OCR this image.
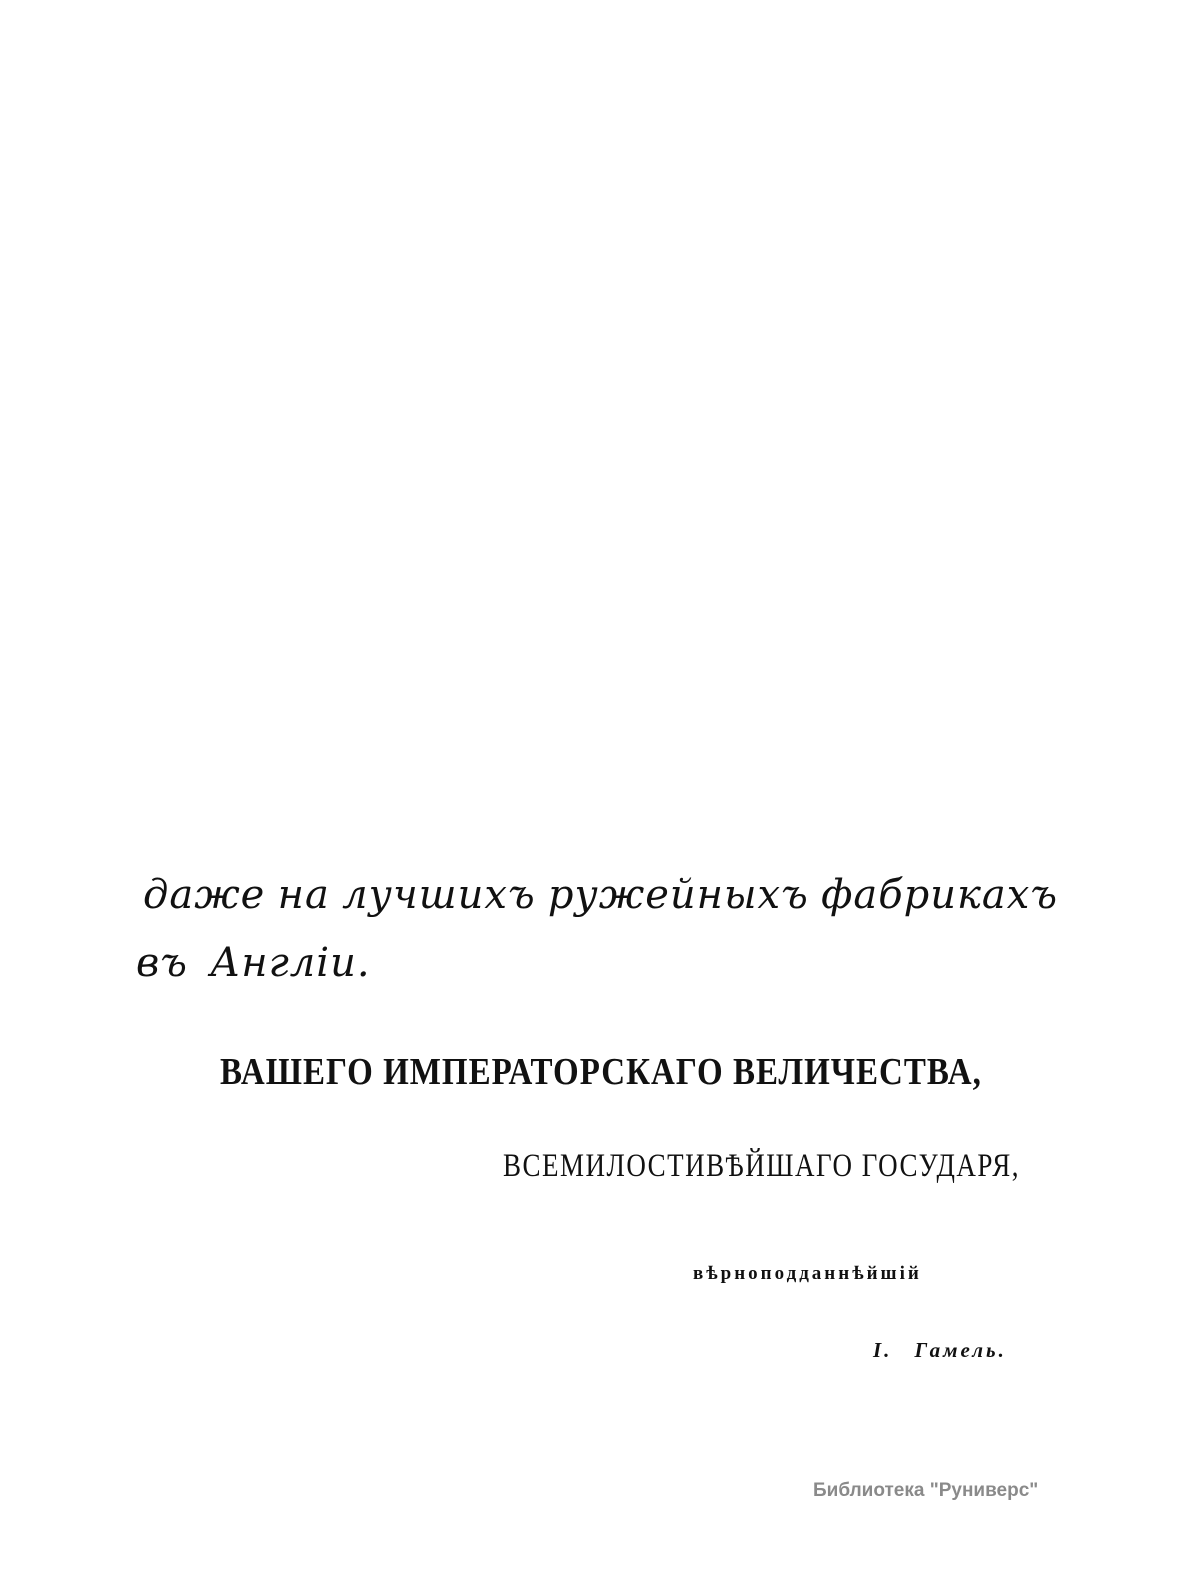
даже на лучшихъ ружейныхъ фабрикахъ
въ Англіи.
ВАШЕГО ИМПЕРАТОРСКАГО ВЕЛИЧЕСТВА,
ВСЕМИЛОСТИВѢЙШАГО ГОСУДАРЯ,
вѣрноподданнѣйшій
І. Гамель.
Библиотека "Руниверс"
